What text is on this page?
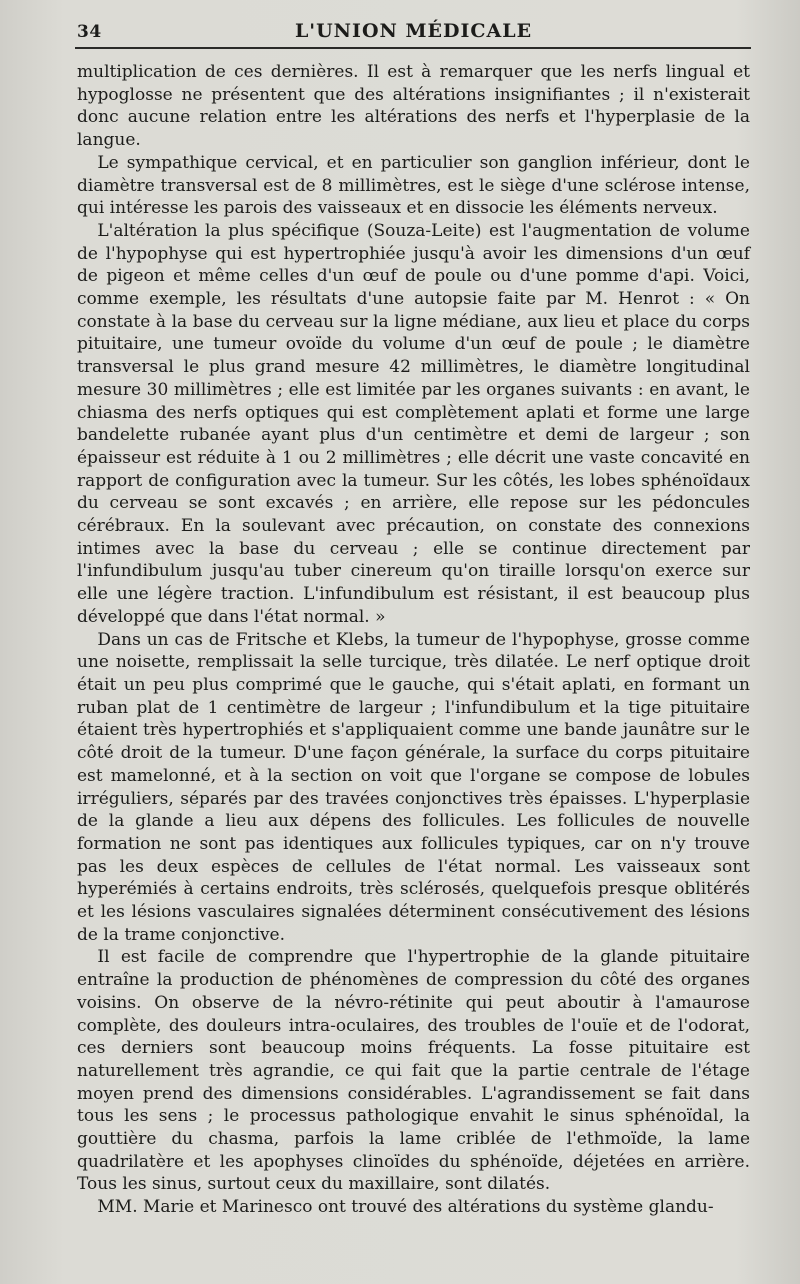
34	L'UNION MÉDICALE

multiplication de ces dernières. Il est à remarquer que les nerfs lingual et hypoglosse ne présentent que des altérations insignifiantes ; il n'existerait donc aucune relation entre les altérations des nerfs et l'hyperplasie de la langue.

Le sympathique cervical, et en particulier son ganglion inférieur, dont le diamètre transversal est de 8 millimètres, est le siège d'une sclérose intense, qui intéresse les parois des vaisseaux et en dissocie les éléments nerveux.

L'altération la plus spécifique (Souza-Leite) est l'augmentation de volume de l'hypophyse qui est hypertrophiée jusqu'à avoir les dimensions d'un œuf de pigeon et même celles d'un œuf de poule ou d'une pomme d'api. Voici, comme exemple, les résultats d'une autopsie faite par M. Henrot : « On constate à la base du cerveau sur la ligne médiane, aux lieu et place du corps pituitaire, une tumeur ovoïde du volume d'un œuf de poule ; le diamètre transversal le plus grand mesure 42 millimètres, le diamètre longitudinal mesure 30 millimètres ; elle est limitée par les organes suivants : en avant, le chiasma des nerfs optiques qui est complètement aplati et forme une large bandelette rubanée ayant plus d'un centimètre et demi de largeur ; son épaisseur est réduite à 1 ou 2 millimètres ; elle décrit une vaste concavité en rapport de configuration avec la tumeur. Sur les côtés, les lobes sphénoïdaux du cerveau se sont excavés ; en arrière, elle repose sur les pédoncules cérébraux. En la soulevant avec précaution, on constate des connexions intimes avec la base du cerveau ; elle se continue directement par l'infundibulum jusqu'au tuber cinereum qu'on tiraille lorsqu'on exerce sur elle une légère traction. L'infundibulum est résistant, il est beaucoup plus développé que dans l'état normal. »

Dans un cas de Fritsche et Klebs, la tumeur de l'hypophyse, grosse comme une noisette, remplissait la selle turcique, très dilatée. Le nerf optique droit était un peu plus comprimé que le gauche, qui s'était aplati, en formant un ruban plat de 1 centimètre de largeur ; l'infundibulum et la tige pituitaire étaient très hypertrophiés et s'appliquaient comme une bande jaunâtre sur le côté droit de la tumeur. D'une façon générale, la surface du corps pituitaire est mamelonné, et à la section on voit que l'organe se compose de lobules irréguliers, séparés par des travées conjonctives très épaisses. L'hyperplasie de la glande a lieu aux dépens des follicules. Les follicules de nouvelle formation ne sont pas identiques aux follicules typiques, car on n'y trouve pas les deux espèces de cellules de l'état normal. Les vaisseaux sont hyperémiés à certains endroits, très sclérosés, quelquefois presque oblitérés et les lésions vasculaires signalées déterminent consécutivement des lésions de la trame conjonctive.

Il est facile de comprendre que l'hypertrophie de la glande pituitaire entraîne la production de phénomènes de compression du côté des organes voisins. On observe de la névro-rétinite qui peut aboutir à l'amaurose complète, des douleurs intra-oculaires, des troubles de l'ouïe et de l'odorat, ces derniers sont beaucoup moins fréquents. La fosse pituitaire est naturellement très agrandie, ce qui fait que la partie centrale de l'étage moyen prend des dimensions considérables. L'agrandissement se fait dans tous les sens ; le processus pathologique envahit le sinus sphénoïdal, la gouttière du chasma, parfois la lame criblée de l'ethmoïde, la lame quadrilatère et les apophyses clinoïdes du sphénoïde, déjetées en arrière. Tous les sinus, surtout ceux du maxillaire, sont dilatés.

MM. Marie et Marinesco ont trouvé des altérations du système glandu-
